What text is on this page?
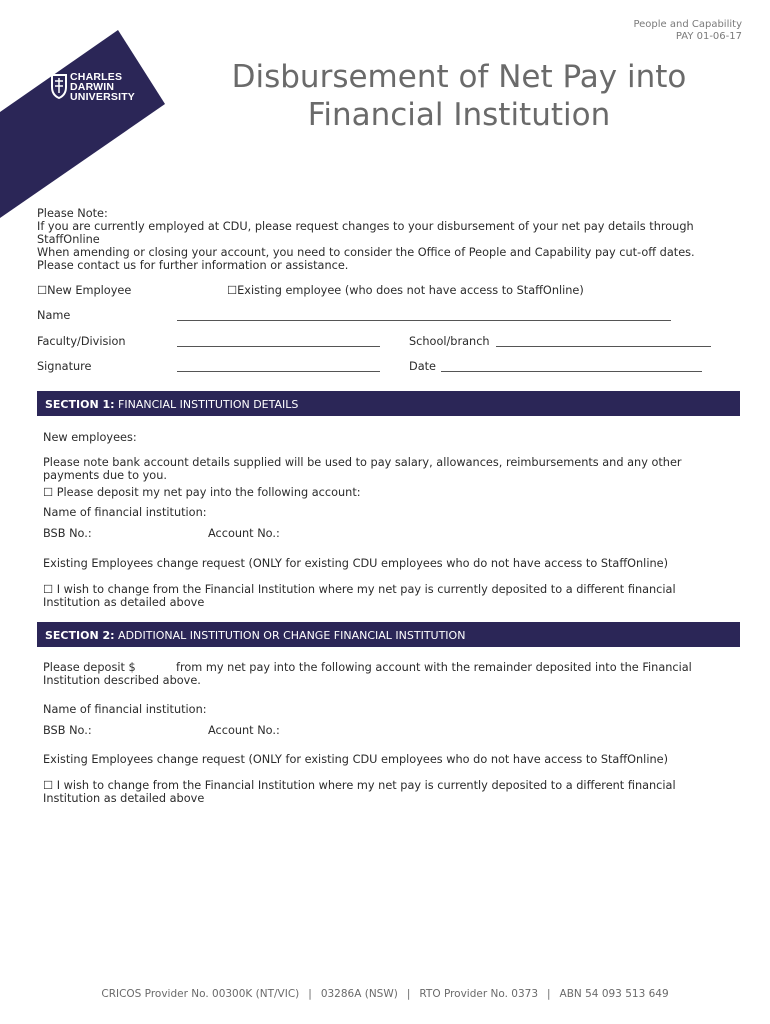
CHARLES
DARWIN
UNIVERSITY
People and Capability
PAY 01-06-17
Disbursement of Net Pay into
Financial Institution
Please Note:
If you are currently employed at CDU, please request changes to your disbursement of your net pay details through
StaffOnline
When amending or closing your account, you need to consider the Office of People and Capability pay cut-off dates.
Please contact us for further information or assistance.
☐New Employee	☐Existing employee (who does not have access to StaffOnline)
Name
Faculty/Division	School/branch
Signature	Date
SECTION 1: FINANCIAL INSTITUTION DETAILS
New employees:
Please note bank account details supplied will be used to pay salary, allowances, reimbursements and any other
payments due to you.
☐ Please deposit my net pay into the following account:
Name of financial institution:
BSB No.:	Account No.:
Existing Employees change request (ONLY for existing CDU employees who do not have access to StaffOnline)
☐ I wish to change from the Financial Institution where my net pay is currently deposited to a different financial
Institution as detailed above
SECTION 2: ADDITIONAL INSTITUTION OR CHANGE FINANCIAL INSTITUTION
Please deposit $	from my net pay into the following account with the remainder deposited into the Financial
Institution described above.
Name of financial institution:
BSB No.:	Account No.:
Existing Employees change request (ONLY for existing CDU employees who do not have access to StaffOnline)
☐ I wish to change from the Financial Institution where my net pay is currently deposited to a different financial
Institution as detailed above
CRICOS Provider No. 00300K (NT/VIC) | 03286A (NSW) | RTO Provider No. 0373 | ABN 54 093 513 649
